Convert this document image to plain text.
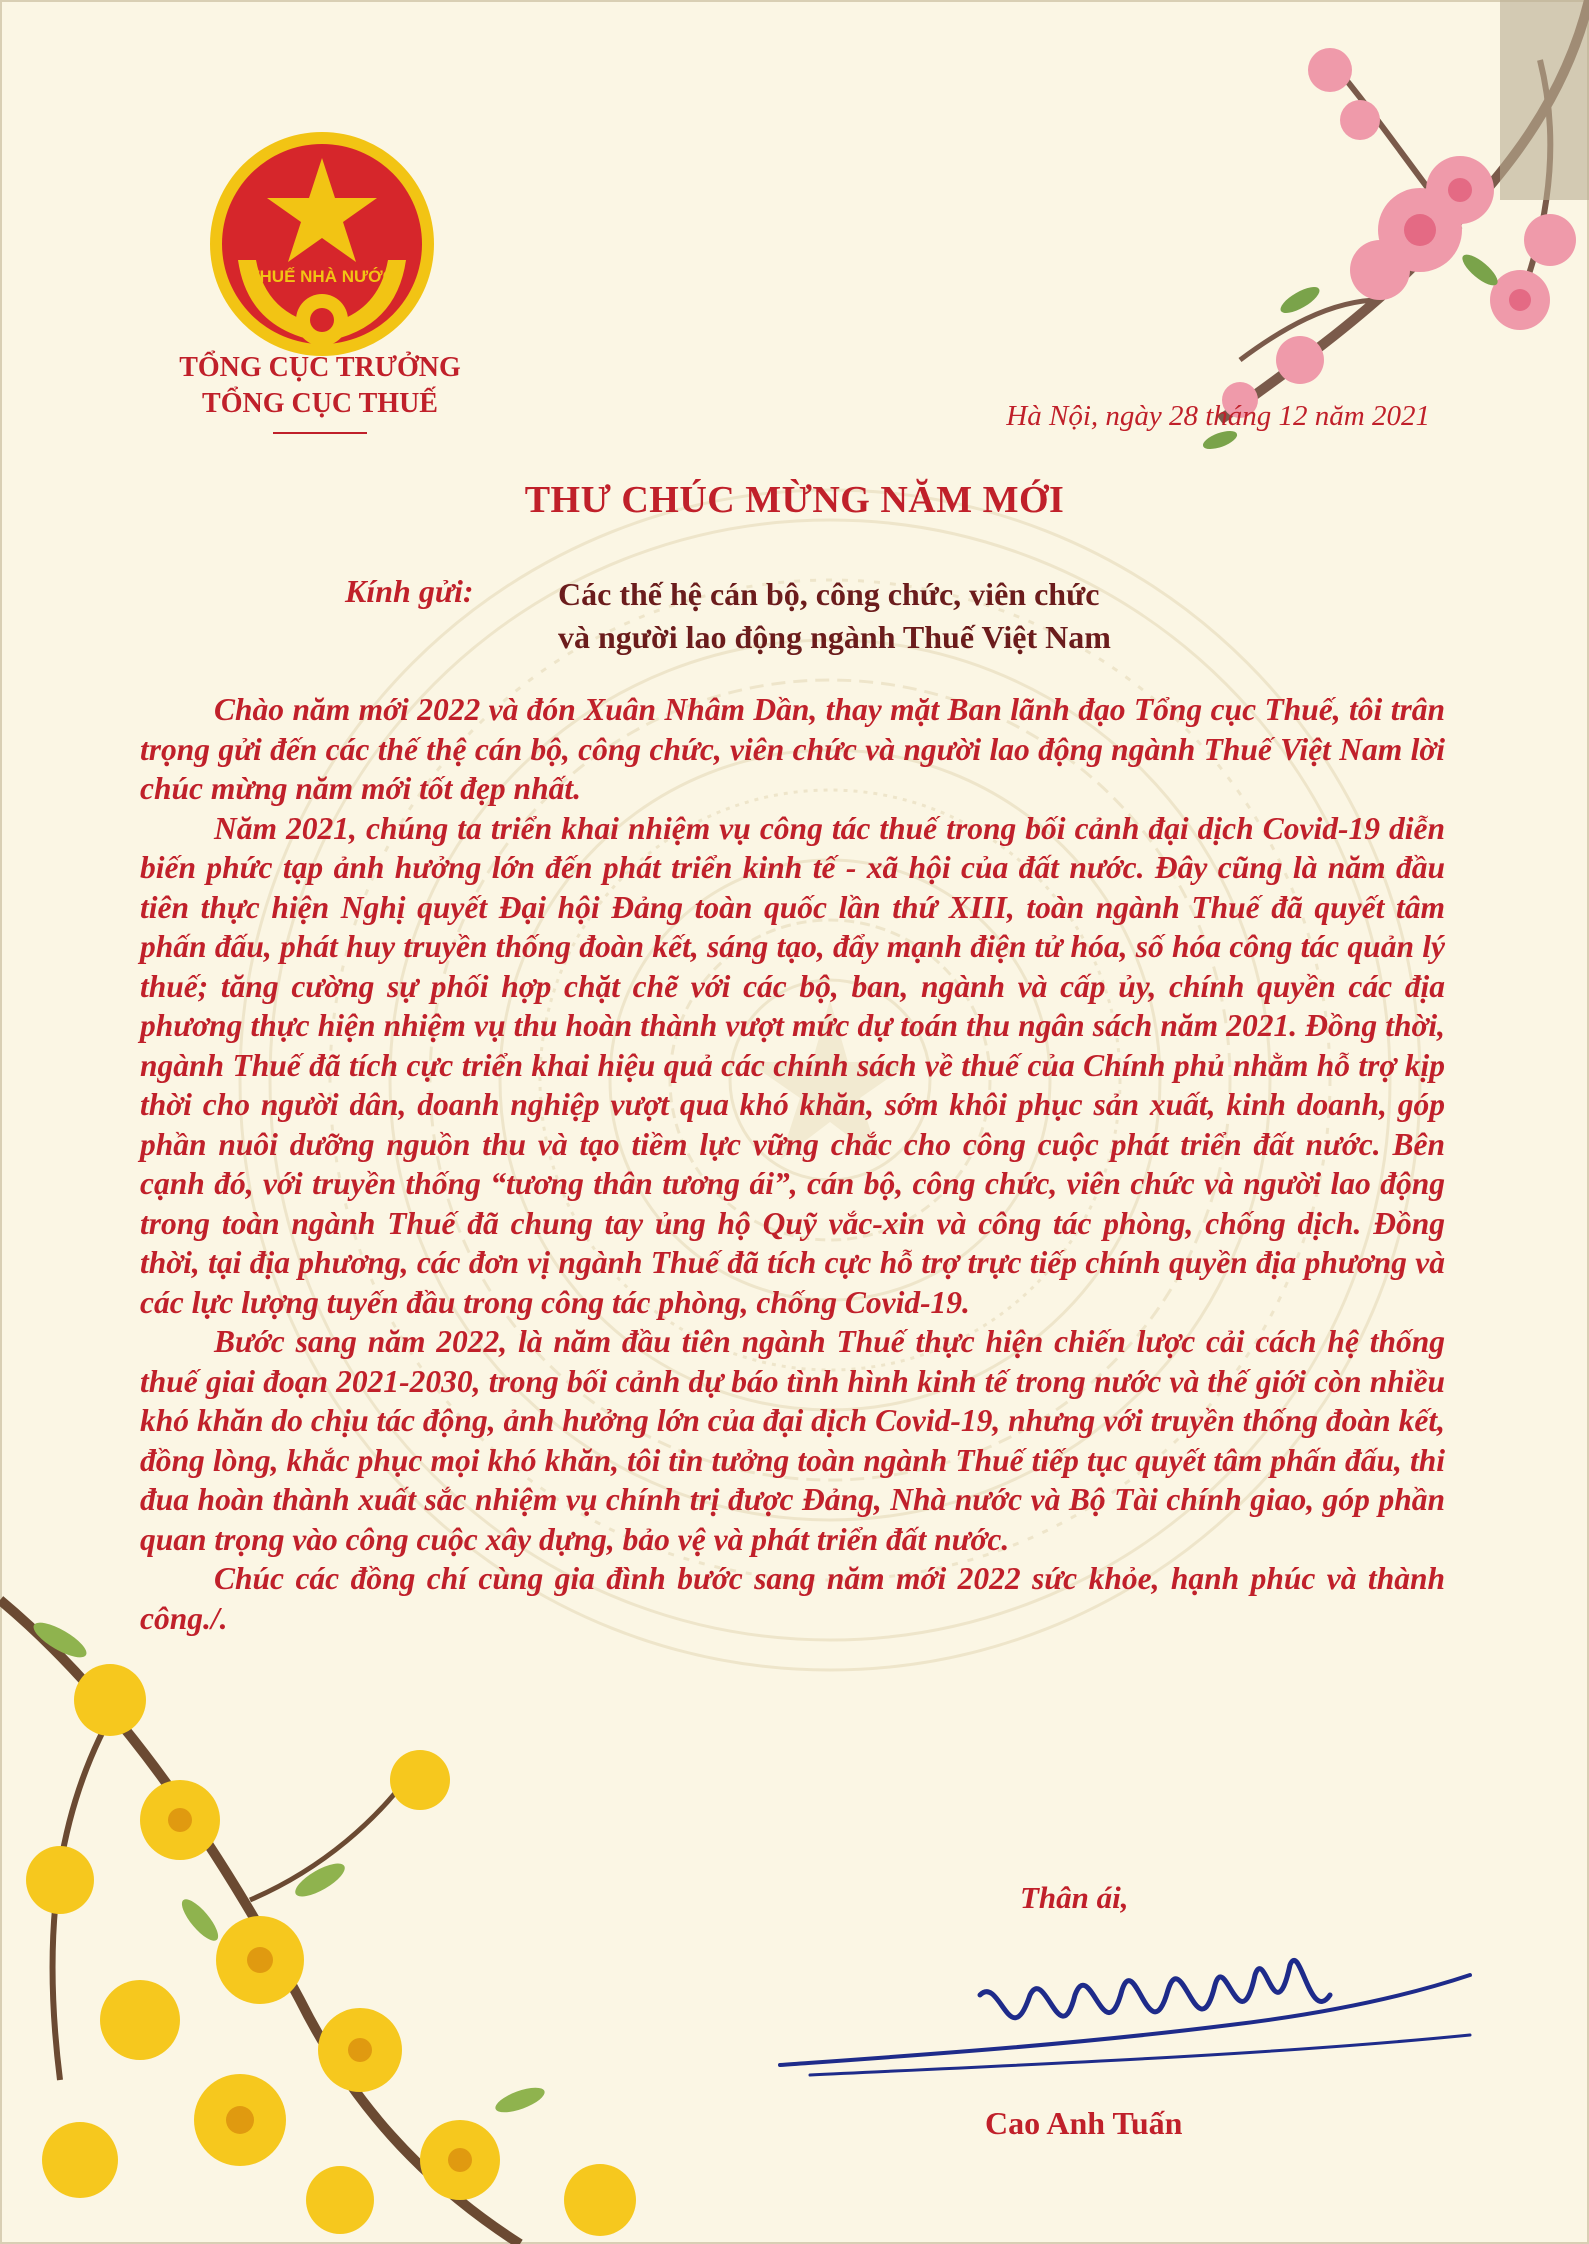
THUẾ NHÀ NƯỚC
TỔNG CỤC TRƯỞNG
TỔNG CỤC THUẾ	Hà Nội, ngày 28 tháng 12 năm 2021
THƯ CHÚC MỪNG NĂM MỚI
Kính gửi:	Các thế hệ cán bộ, công chức, viên chức
và người lao động ngành Thuế Việt Nam

Chào năm mới 2022 và đón Xuân Nhâm Dần, thay mặt Ban lãnh đạo Tổng cục Thuế, tôi trân trọng gửi đến các thế thệ cán bộ, công chức, viên chức và người lao động ngành Thuế Việt Nam lời chúc mừng năm mới tốt đẹp nhất.

Năm 2021, chúng ta triển khai nhiệm vụ công tác thuế trong bối cảnh đại dịch Covid-19 diễn biến phức tạp ảnh hưởng lớn đến phát triển kinh tế - xã hội của đất nước. Đây cũng là năm đầu tiên thực hiện Nghị quyết Đại hội Đảng toàn quốc lần thứ XIII, toàn ngành Thuế đã quyết tâm phấn đấu, phát huy truyền thống đoàn kết, sáng tạo, đẩy mạnh điện tử hóa, số hóa công tác quản lý thuế; tăng cường sự phối hợp chặt chẽ với các bộ, ban, ngành và cấp ủy, chính quyền các địa phương thực hiện nhiệm vụ thu hoàn thành vượt mức dự toán thu ngân sách năm 2021. Đồng thời, ngành Thuế đã tích cực triển khai hiệu quả các chính sách về thuế của Chính phủ nhằm hỗ trợ kịp thời cho người dân, doanh nghiệp vượt qua khó khăn, sớm khôi phục sản xuất, kinh doanh, góp phần nuôi dưỡng nguồn thu và tạo tiềm lực vững chắc cho công cuộc phát triển đất nước. Bên cạnh đó, với truyền thống “tương thân tương ái”, cán bộ, công chức, viên chức và người lao động trong toàn ngành Thuế đã chung tay ủng hộ Quỹ vắc-xin và công tác phòng, chống dịch. Đồng thời, tại địa phương, các đơn vị ngành Thuế đã tích cực hỗ trợ trực tiếp chính quyền địa phương và các lực lượng tuyến đầu trong công tác phòng, chống Covid-19.

Bước sang năm 2022, là năm đầu tiên ngành Thuế thực hiện chiến lược cải cách hệ thống thuế giai đoạn 2021-2030, trong bối cảnh dự báo tình hình kinh tế trong nước và thế giới còn nhiều khó khăn do chịu tác động, ảnh hưởng lớn của đại dịch Covid-19, nhưng với truyền thống đoàn kết, đồng lòng, khắc phục mọi khó khăn, tôi tin tưởng toàn ngành Thuế tiếp tục quyết tâm phấn đấu, thi đua hoàn thành xuất sắc nhiệm vụ chính trị được Đảng, Nhà nước và Bộ Tài chính giao, góp phần quan trọng vào công cuộc xây dựng, bảo vệ và phát triển đất nước.

Chúc các đồng chí cùng gia đình bước sang năm mới 2022 sức khỏe, hạnh phúc và thành công./.

Thân ái,
Cao Anh Tuấn
